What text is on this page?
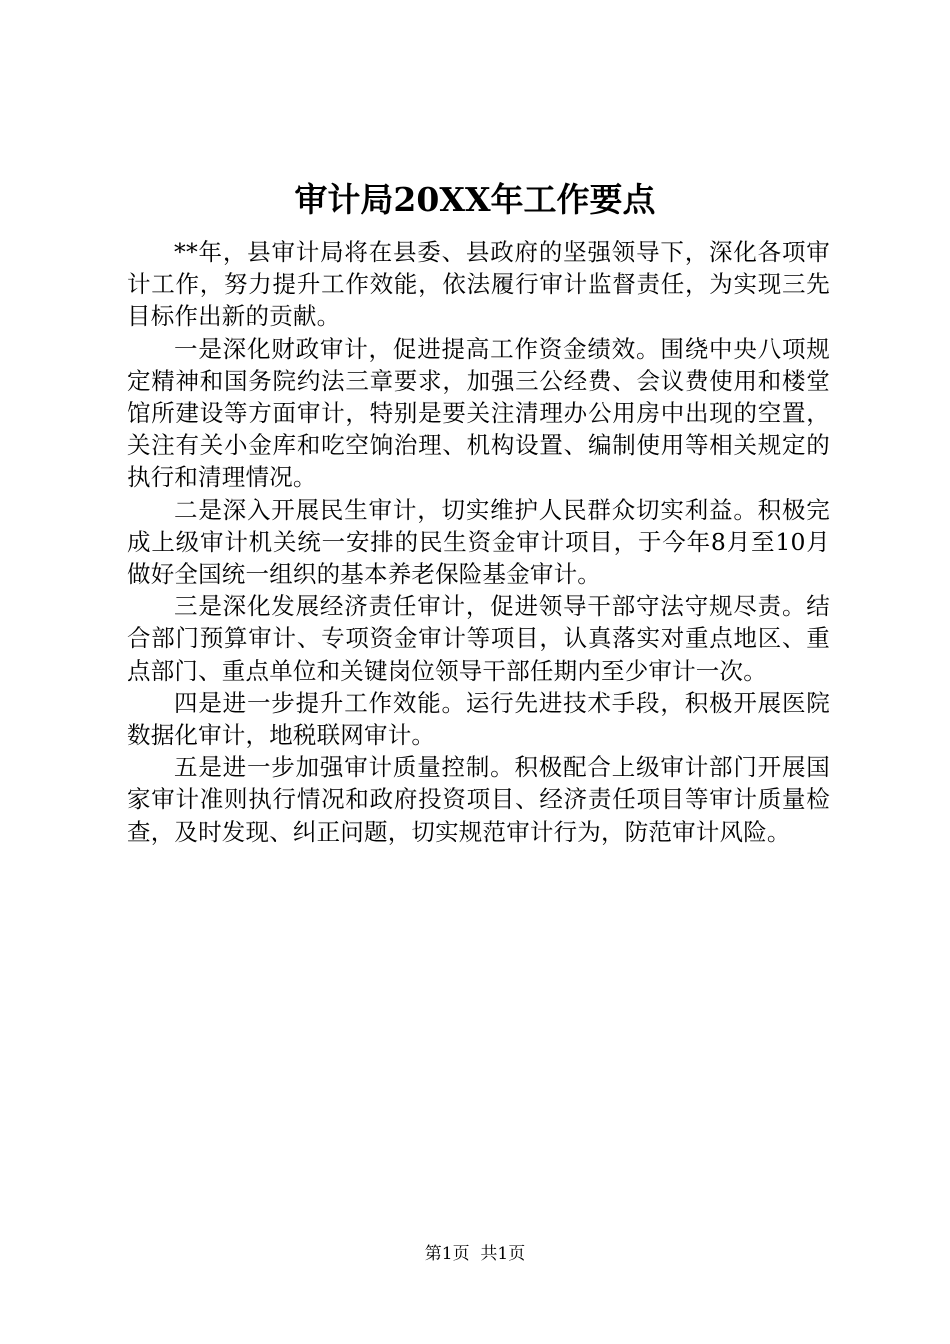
审计局20XX年工作要点

**年，县审计局将在县委、县政府的坚强领导下，深化各项审计工作，努力提升工作效能，依法履行审计监督责任，为实现三先目标作出新的贡献。

一是深化财政审计，促进提高工作资金绩效。围绕中央八项规定精神和国务院约法三章要求，加强三公经费、会议费使用和楼堂馆所建设等方面审计，特别是要关注清理办公用房中出现的空置，关注有关小金库和吃空饷治理、机构设置、编制使用等相关规定的执行和清理情况。

二是深入开展民生审计，切实维护人民群众切实利益。积极完成上级审计机关统一安排的民生资金审计项目，于今年8月至10月做好全国统一组织的基本养老保险基金审计。

三是深化发展经济责任审计，促进领导干部守法守规尽责。结合部门预算审计、专项资金审计等项目，认真落实对重点地区、重点部门、重点单位和关键岗位领导干部任期内至少审计一次。

四是进一步提升工作效能。运行先进技术手段，积极开展医院数据化审计，地税联网审计。

五是进一步加强审计质量控制。积极配合上级审计部门开展国家审计准则执行情况和政府投资项目、经济责任项目等审计质量检查，及时发现、纠正问题，切实规范审计行为，防范审计风险。

第1页 共1页
